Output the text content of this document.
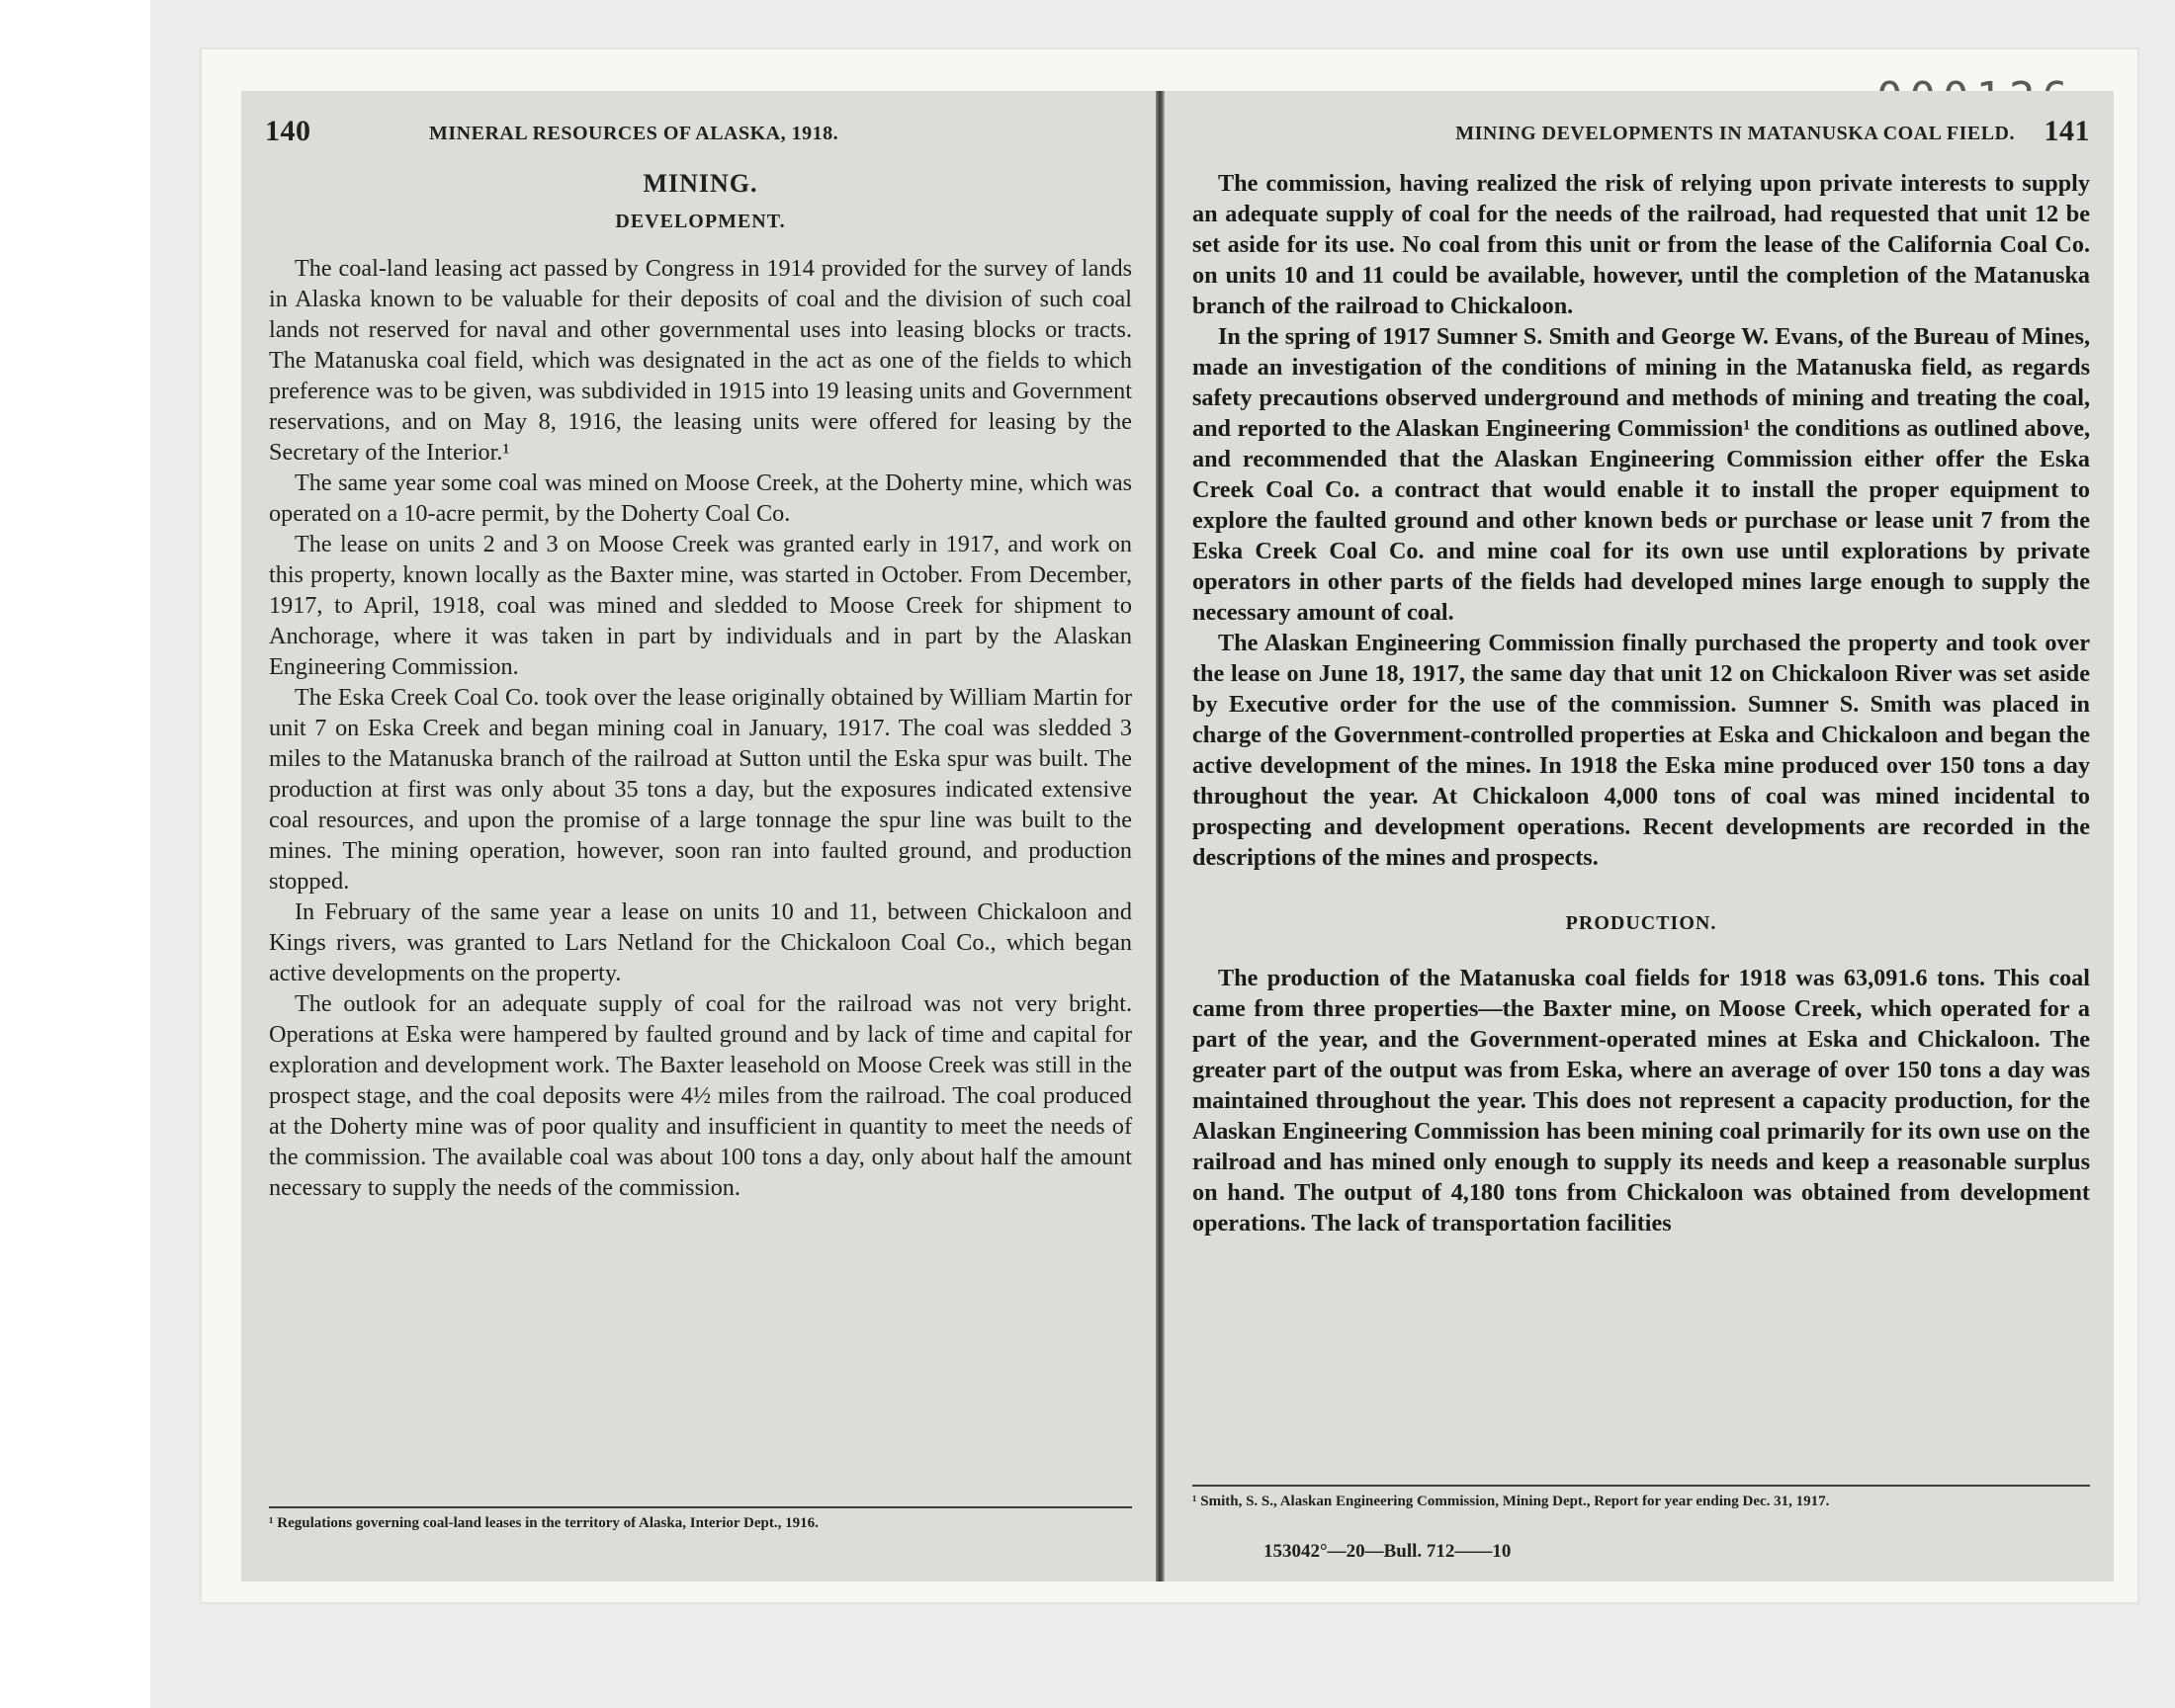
140	MINERAL RESOURCES OF ALASKA, 1918.
MINING.
DEVELOPMENT.

The coal-land leasing act passed by Congress in 1914 provided for the survey of lands in Alaska known to be valuable for their deposits of coal and the division of such coal lands not reserved for naval and other governmental uses into leasing blocks or tracts. The Matanuska coal field, which was designated in the act as one of the fields to which preference was to be given, was subdivided in 1915 into 19 leasing units and Government reservations, and on May 8, 1916, the leasing units were offered for leasing by the Secretary of the Interior.¹

The same year some coal was mined on Moose Creek, at the Doherty mine, which was operated on a 10-acre permit, by the Doherty Coal Co.

The lease on units 2 and 3 on Moose Creek was granted early in 1917, and work on this property, known locally as the Baxter mine, was started in October. From December, 1917, to April, 1918, coal was mined and sledded to Moose Creek for shipment to Anchorage, where it was taken in part by individuals and in part by the Alaskan Engineering Commission.

The Eska Creek Coal Co. took over the lease originally obtained by William Martin for unit 7 on Eska Creek and began mining coal in January, 1917. The coal was sledded 3 miles to the Matanuska branch of the railroad at Sutton until the Eska spur was built. The production at first was only about 35 tons a day, but the exposures indicated extensive coal resources, and upon the promise of a large tonnage the spur line was built to the mines. The mining operation, however, soon ran into faulted ground, and production stopped.

In February of the same year a lease on units 10 and 11, between Chickaloon and Kings rivers, was granted to Lars Netland for the Chickaloon Coal Co., which began active developments on the property.

The outlook for an adequate supply of coal for the railroad was not very bright. Operations at Eska were hampered by faulted ground and by lack of time and capital for exploration and development work. The Baxter leasehold on Moose Creek was still in the prospect stage, and the coal deposits were 4½ miles from the railroad. The coal produced at the Doherty mine was of poor quality and insufficient in quantity to meet the needs of the commission. The available coal was about 100 tons a day, only about half the amount necessary to supply the needs of the commission.

¹ Regulations governing coal-land leases in the territory of Alaska, Interior Dept., 1916.
MINING DEVELOPMENTS IN MATANUSKA COAL FIELD. 141

The commission, having realized the risk of relying upon private interests to supply an adequate supply of coal for the needs of the railroad, had requested that unit 12 be set aside for its use. No coal from this unit or from the lease of the California Coal Co. on units 10 and 11 could be available, however, until the completion of the Matanuska branch of the railroad to Chickaloon.

In the spring of 1917 Sumner S. Smith and George W. Evans, of the Bureau of Mines, made an investigation of the conditions of mining in the Matanuska field, as regards safety precautions observed underground and methods of mining and treating the coal, and reported to the Alaskan Engineering Commission¹ the conditions as outlined above, and recommended that the Alaskan Engineering Commission either offer the Eska Creek Coal Co. a contract that would enable it to install the proper equipment to explore the faulted ground and other known beds or purchase or lease unit 7 from the Eska Creek Coal Co. and mine coal for its own use until explorations by private operators in other parts of the fields had developed mines large enough to supply the necessary amount of coal.

The Alaskan Engineering Commission finally purchased the property and took over the lease on June 18, 1917, the same day that unit 12 on Chickaloon River was set aside by Executive order for the use of the commission. Sumner S. Smith was placed in charge of the Government-controlled properties at Eska and Chickaloon and began the active development of the mines. In 1918 the Eska mine produced over 150 tons a day throughout the year. At Chickaloon 4,000 tons of coal was mined incidental to prospecting and development operations. Recent developments are recorded in the descriptions of the mines and prospects.

PRODUCTION.

The production of the Matanuska coal fields for 1918 was 63,091.6 tons. This coal came from three properties—the Baxter mine, on Moose Creek, which operated for a part of the year, and the Government-operated mines at Eska and Chickaloon. The greater part of the output was from Eska, where an average of over 150 tons a day was maintained throughout the year. This does not represent a capacity production, for the Alaskan Engineering Commission has been mining coal primarily for its own use on the railroad and has mined only enough to supply its needs and keep a reasonable surplus on hand. The output of 4,180 tons from Chickaloon was obtained from development operations. The lack of transportation facilities

¹ Smith, S. S., Alaskan Engineering Commission, Mining Dept., Report for year ending Dec. 31, 1917.
153042°—20—Bull. 712——10
